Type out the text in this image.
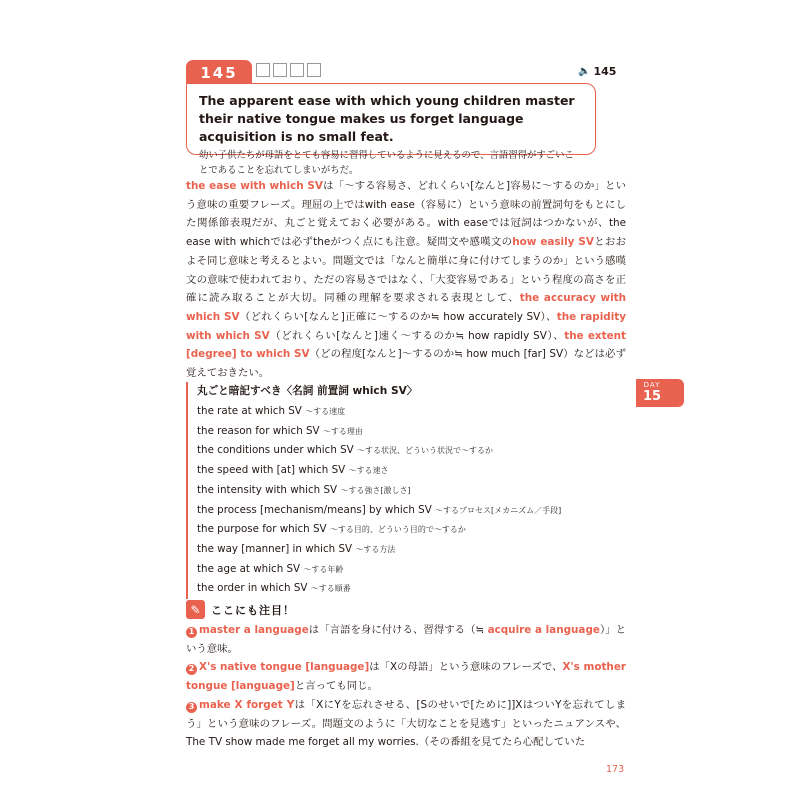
145	🔈 145
The apparent ease with which young children master their native tongue makes us forget language acquisition is no small feat.
幼い子供たちが母語をとても容易に習得しているように見えるので、言語習得がすごいことであることを忘れてしまいがちだ。
the ease with which SVは「〜する容易さ、どれくらい[なんと]容易に〜するのか」という意味の重要フレーズ。理屈の上ではwith ease（容易に）という意味の前置詞句をもとにした関係節表現だが、丸ごと覚えておく必要がある。with easeでは冠詞はつかないが、the ease with whichでは必ずtheがつく点にも注意。疑問文や感嘆文のhow easily SVとおおよそ同じ意味と考えるとよい。問題文では「なんと簡単に身に付けてしまうのか」という感嘆文の意味で使われており、ただの容易さではなく、「大変容易である」という程度の高さを正確に読み取ることが大切。同種の理解を要求される表現として、the accuracy with which SV（どれくらい[なんと]正確に〜するのか≒ how accurately SV）、the rapidity with which SV（どれくらい[なんと]速く〜するのか≒ how rapidly SV）、the extent [degree] to which SV（どの程度[なんと]〜するのか≒ how much [far] SV）などは必ず覚えておきたい。
丸ごと暗記すべき〈名詞 前置詞 which SV〉
the rate at which SV 〜する速度
the reason for which SV 〜する理由
the conditions under which SV 〜する状況、どういう状況で〜するか
the speed with [at] which SV 〜する速さ
the intensity with which SV 〜する強さ[激しさ]
the process [mechanism/means] by which SV 〜するプロセス[メカニズム／手段]
the purpose for which SV 〜する目的、どういう目的で〜するか
the way [manner] in which SV 〜する方法
the age at which SV 〜する年齢
the order in which SV 〜する順番
DAY
15
✎ ここにも注目！

1 master a languageは「言語を身に付ける、習得する（≒ acquire a language）」という意味。

2 X's native tongue [language]は「Xの母語」という意味のフレーズで、X's mother tongue [language]と言っても同じ。

3 make X forget Yは「XにYを忘れさせる、[Sのせいで[ために]]XはついYを忘れてしまう」という意味のフレーズ。問題文のように「大切なことを見逃す」といったニュアンスや、The TV show made me forget all my worries.（その番組を見てたら心配していた

173
